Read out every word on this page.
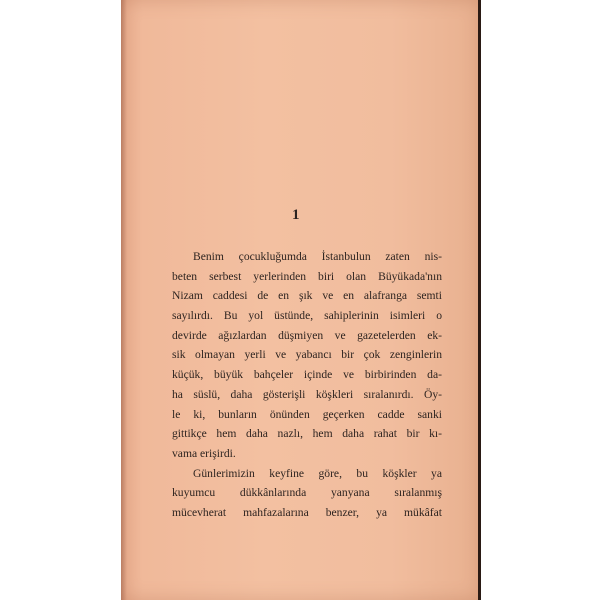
1
Benim çocukluğumda İstanbulun zaten nis-
beten serbest yerlerinden biri olan Büyükada'nın
Nizam caddesi de en şık ve en alafranga semti
sayılırdı. Bu yol üstünde, sahiplerinin isimleri o
devirde ağızlardan düşmiyen ve gazetelerden ek-
sik olmayan yerli ve yabancı bir çok zenginlerin
küçük, büyük bahçeler içinde ve birbirinden da-
ha süslü, daha gösterişli köşkleri sıralanırdı. Öy-
le ki, bunların önünden geçerken cadde sanki
gittikçe hem daha nazlı, hem daha rahat bir kı-
vama erişirdi.
Günlerimizin keyfine göre, bu köşkler ya
kuyumcu dükkânlarında yanyana sıralanmış
mücevherat mahfazalarına benzer, ya mükâfat
